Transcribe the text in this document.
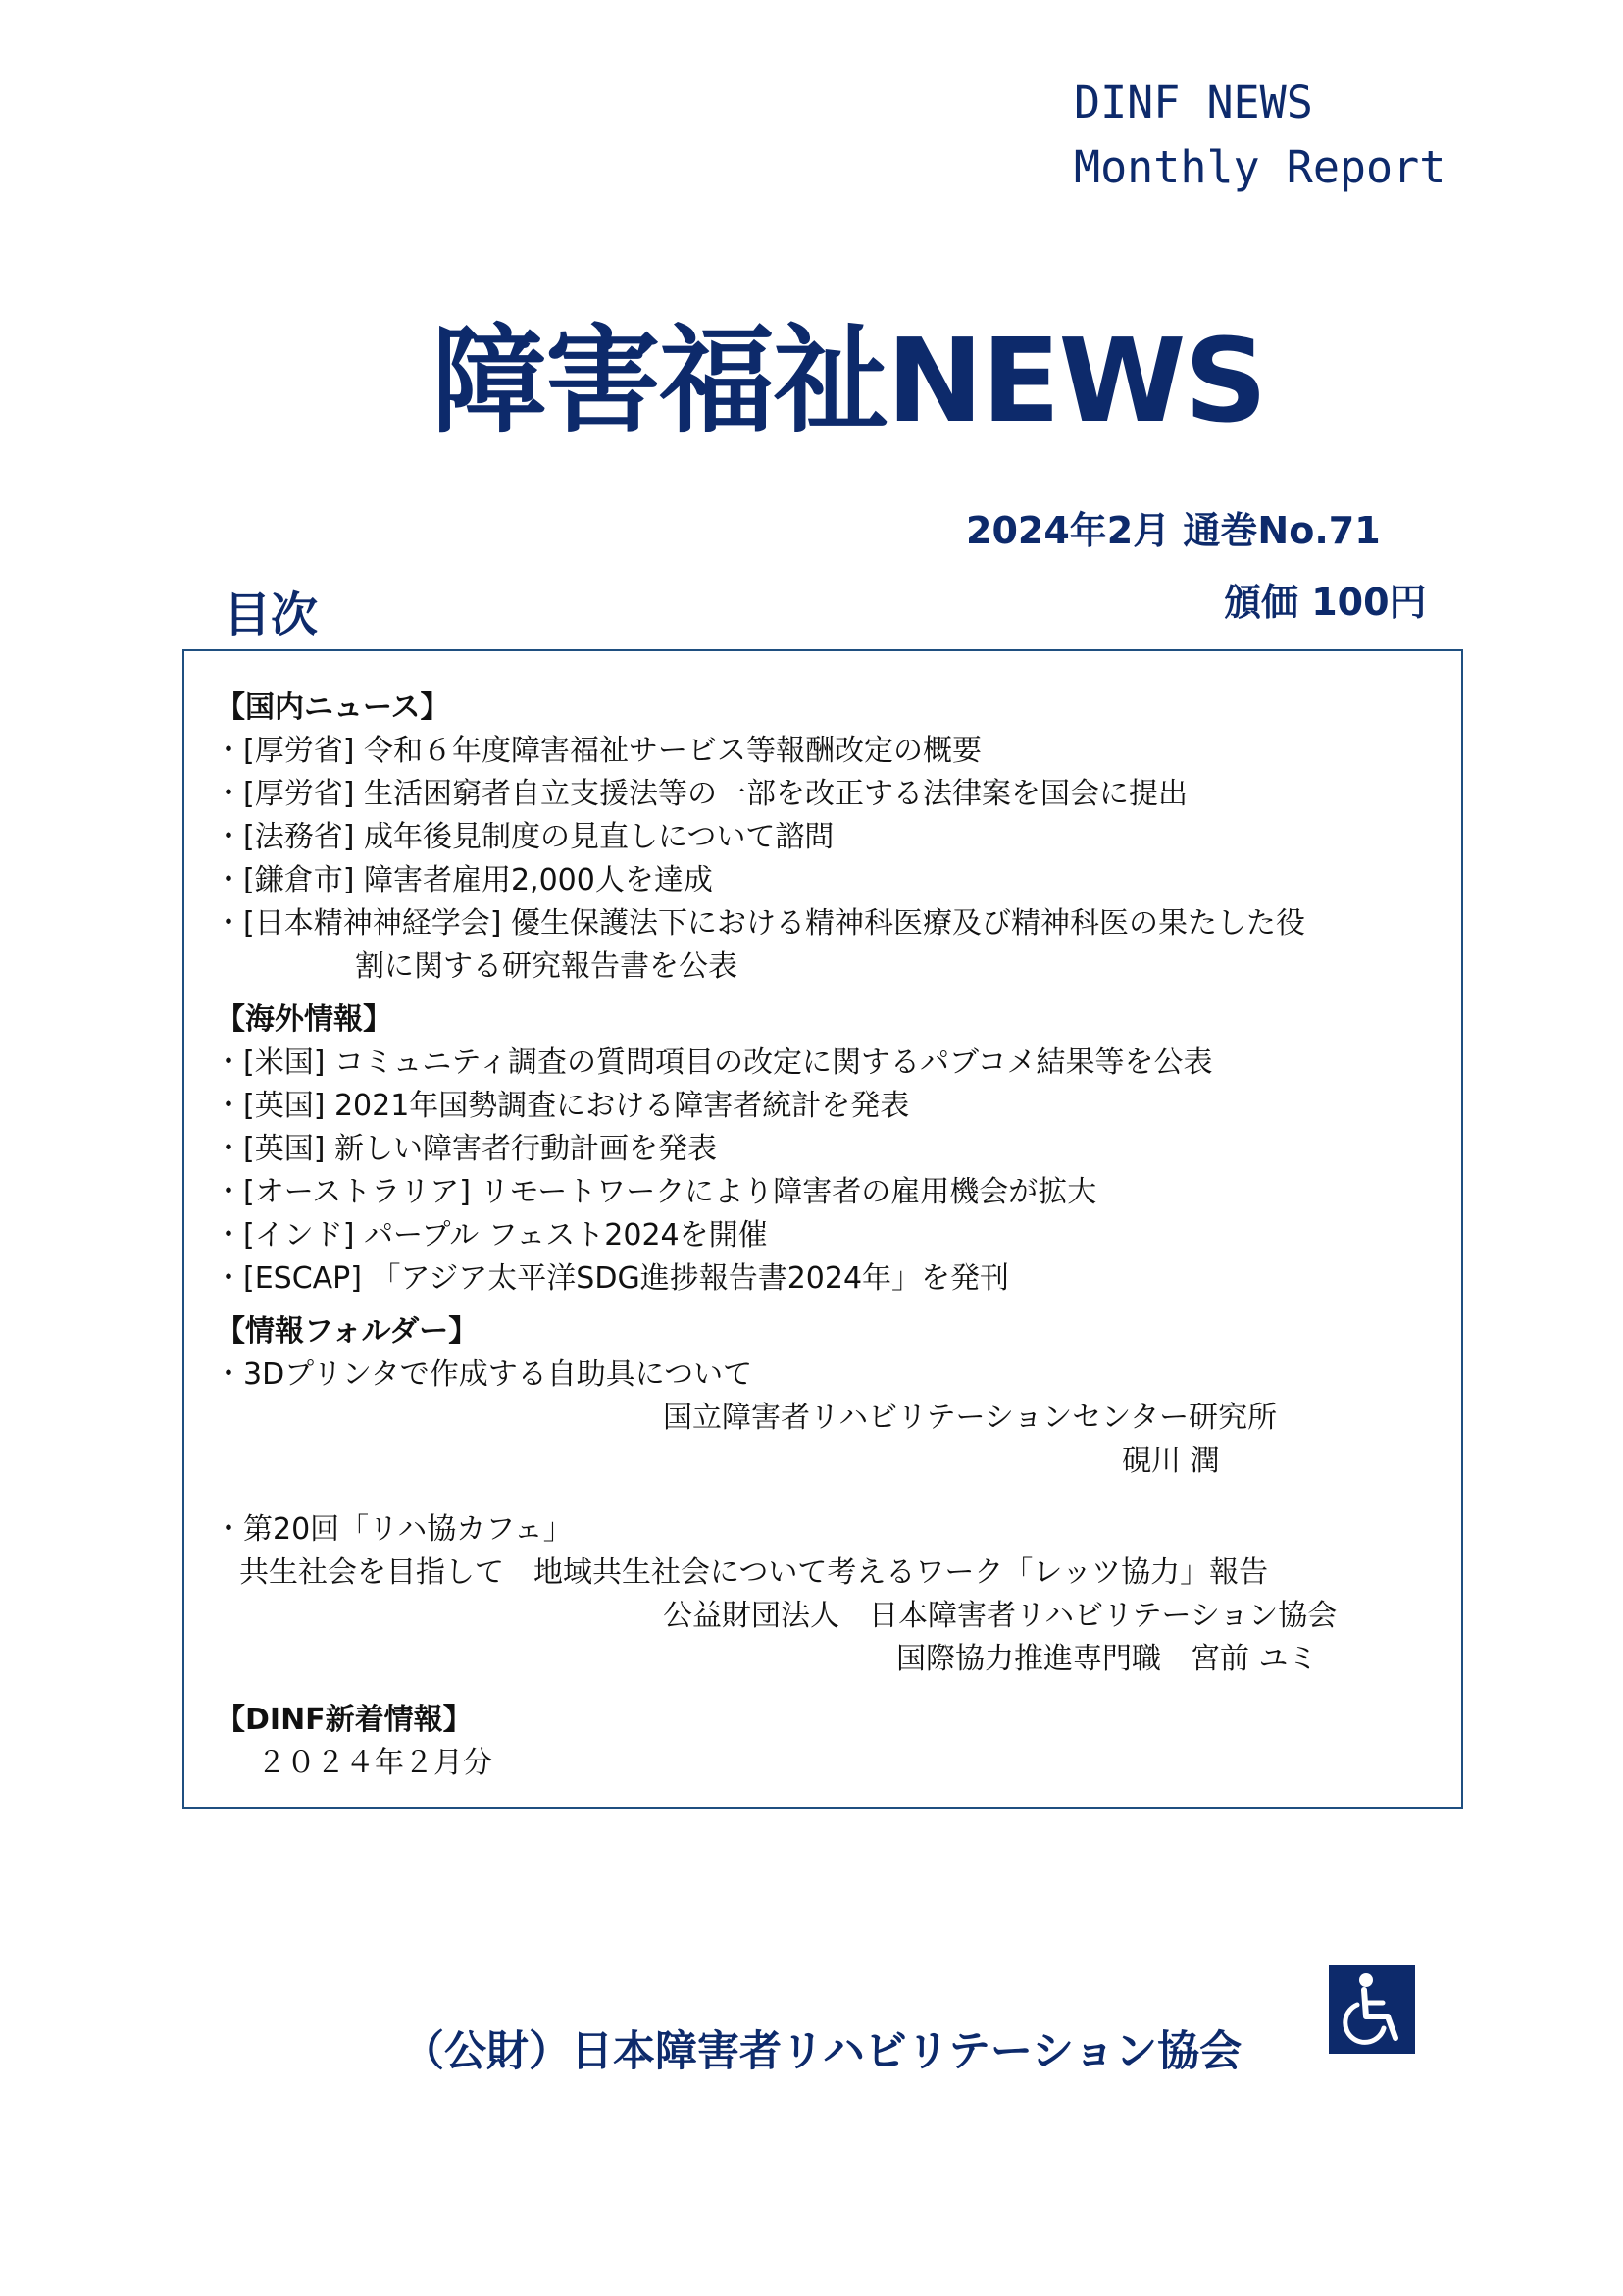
DINF NEWS
Monthly Report
障害福祉NEWS
2024年2月 通巻No.71
頒価 100円
目次
【国内ニュース】
・[厚労省] 令和６年度障害福祉サービス等報酬改定の概要
・[厚労省] 生活困窮者自立支援法等の一部を改正する法律案を国会に提出
・[法務省] 成年後見制度の見直しについて諮問
・[鎌倉市] 障害者雇用2,000人を達成
・[日本精神神経学会] 優生保護法下における精神科医療及び精神科医の果たした役
割に関する研究報告書を公表
【海外情報】
・[米国] コミュニティ調査の質問項目の改定に関するパブコメ結果等を公表
・[英国] 2021年国勢調査における障害者統計を発表
・[英国] 新しい障害者行動計画を発表
・[オーストラリア] リモートワークにより障害者の雇用機会が拡大
・[インド] パープル フェスト2024を開催
・[ESCAP] 「アジア太平洋SDG進捗報告書2024年」を発刊
【情報フォルダー】
・3Dプリンタで作成する自助具について
国立障害者リハビリテーションセンター研究所
硯川 潤
・第20回「リハ協カフェ」
共生社会を目指して　地域共生社会について考えるワーク「レッツ協力」報告
公益財団法人　日本障害者リハビリテーション協会
国際協力推進専門職　宮前 ユミ
【DINF新着情報】
２０２４年２月分
（公財）日本障害者リハビリテーション協会
